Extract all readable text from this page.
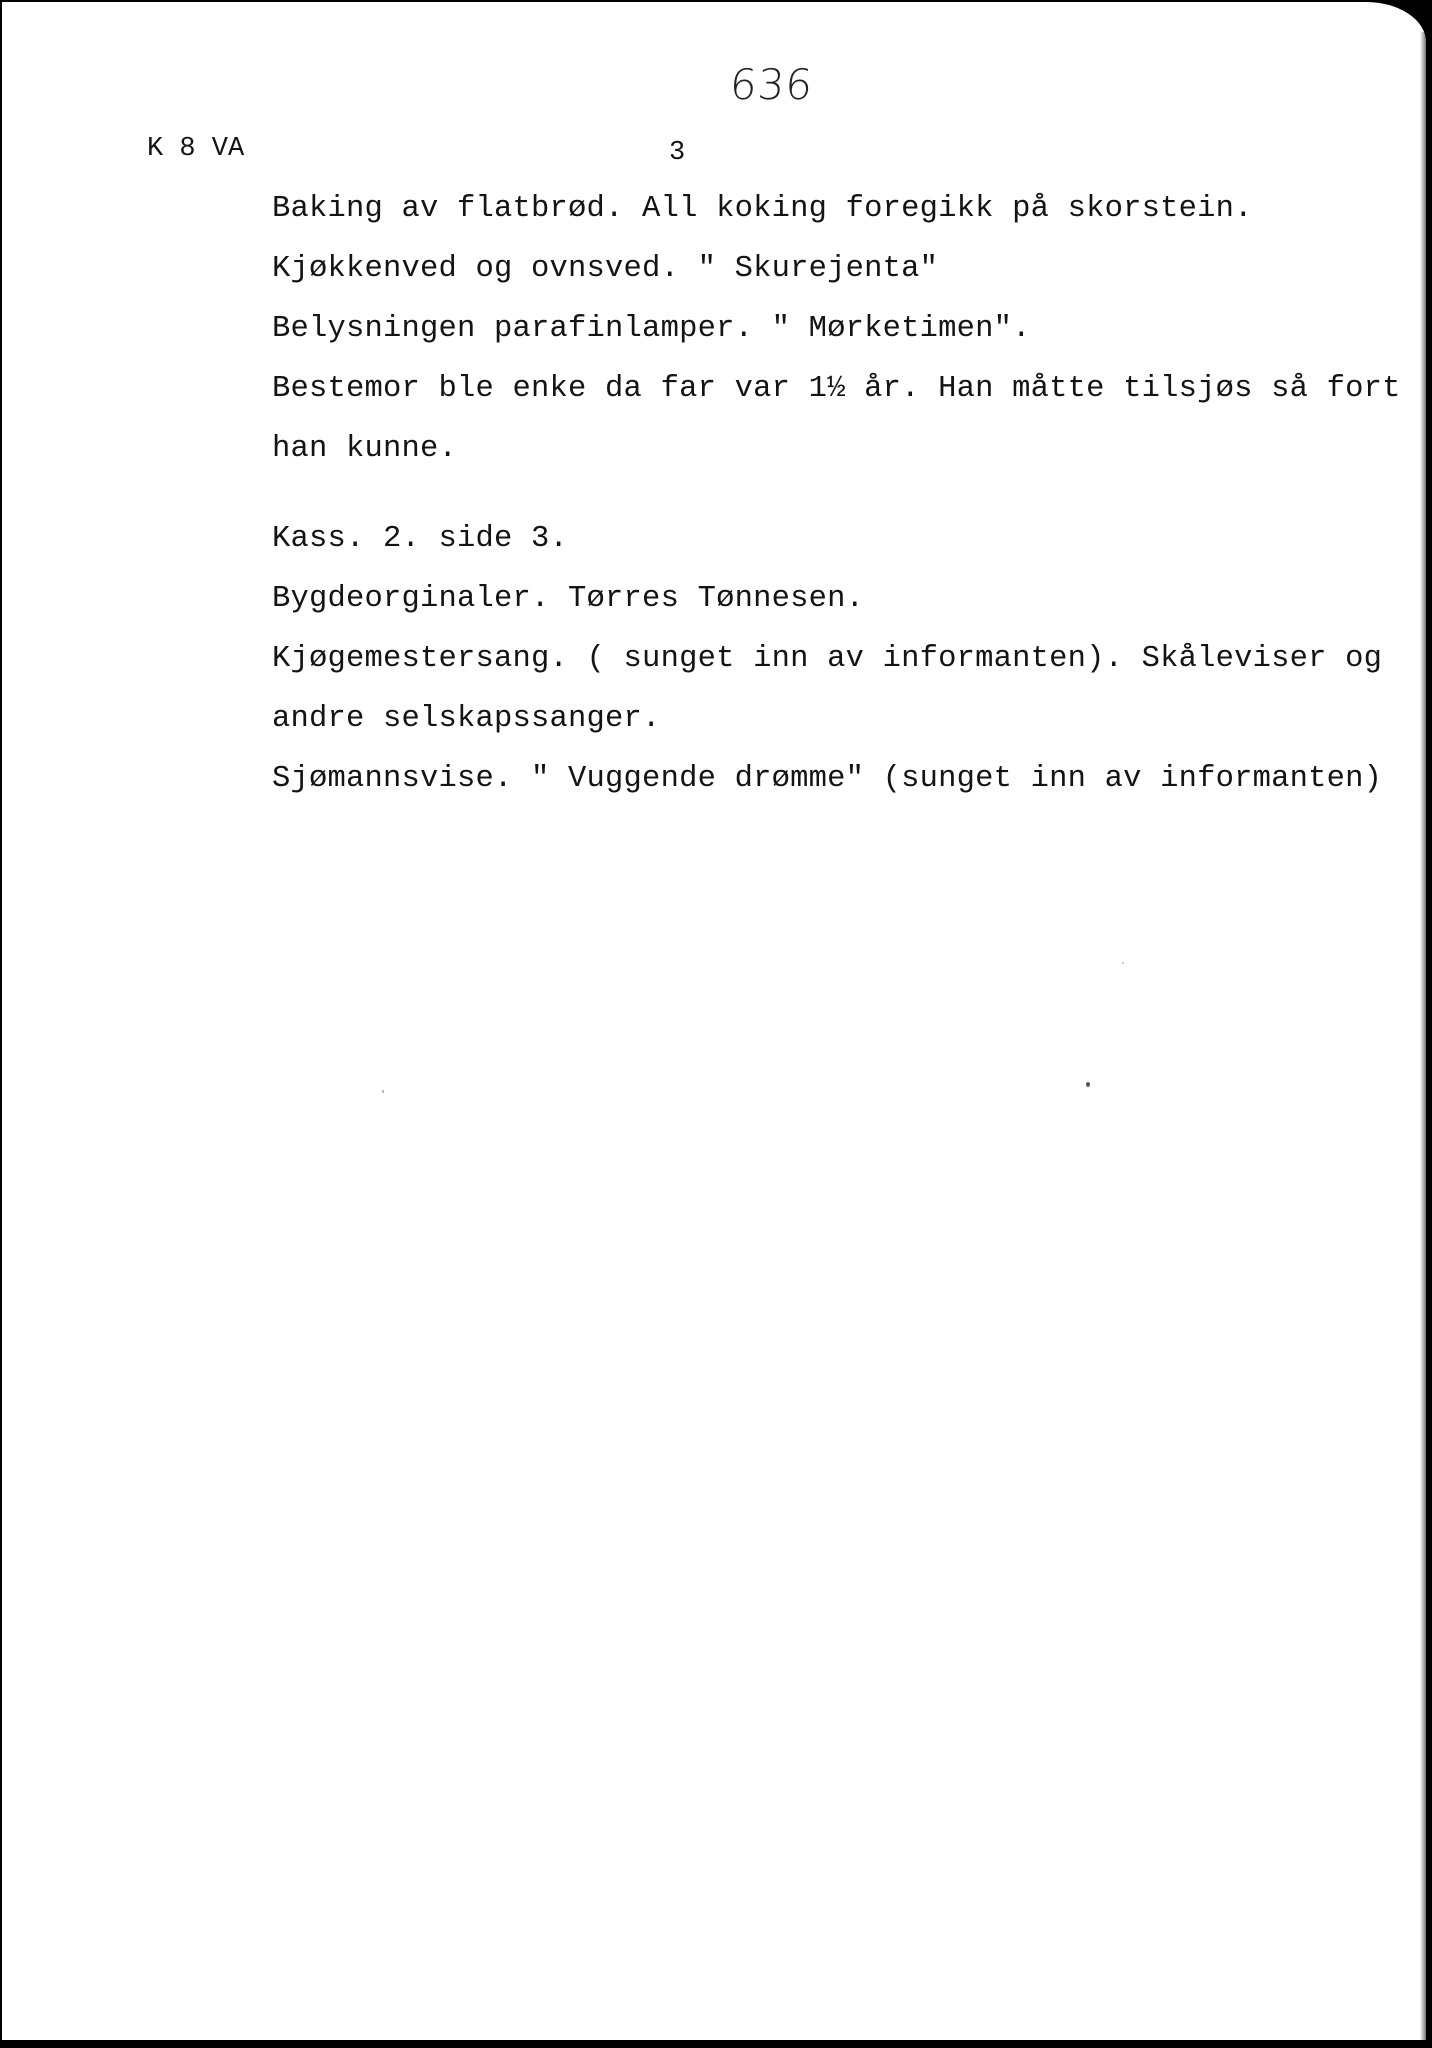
636
K 8 VA	3

Baking av flatbrød. All koking foregikk på skorstein.

Kjøkkenved og ovnsved. " Skurejenta"

Belysningen parafinlamper. " Mørketimen".

Bestemor ble enke da far var 1½ år. Han måtte tilsjøs så fort

han kunne.

Kass. 2. side 3.

Bygdeorginaler. Tørres Tønnesen.

Kjøgemestersang. ( sunget inn av informanten). Skåleviser og

andre selskapssanger.

Sjømannsvise. " Vuggende drømme" (sunget inn av informanten)
